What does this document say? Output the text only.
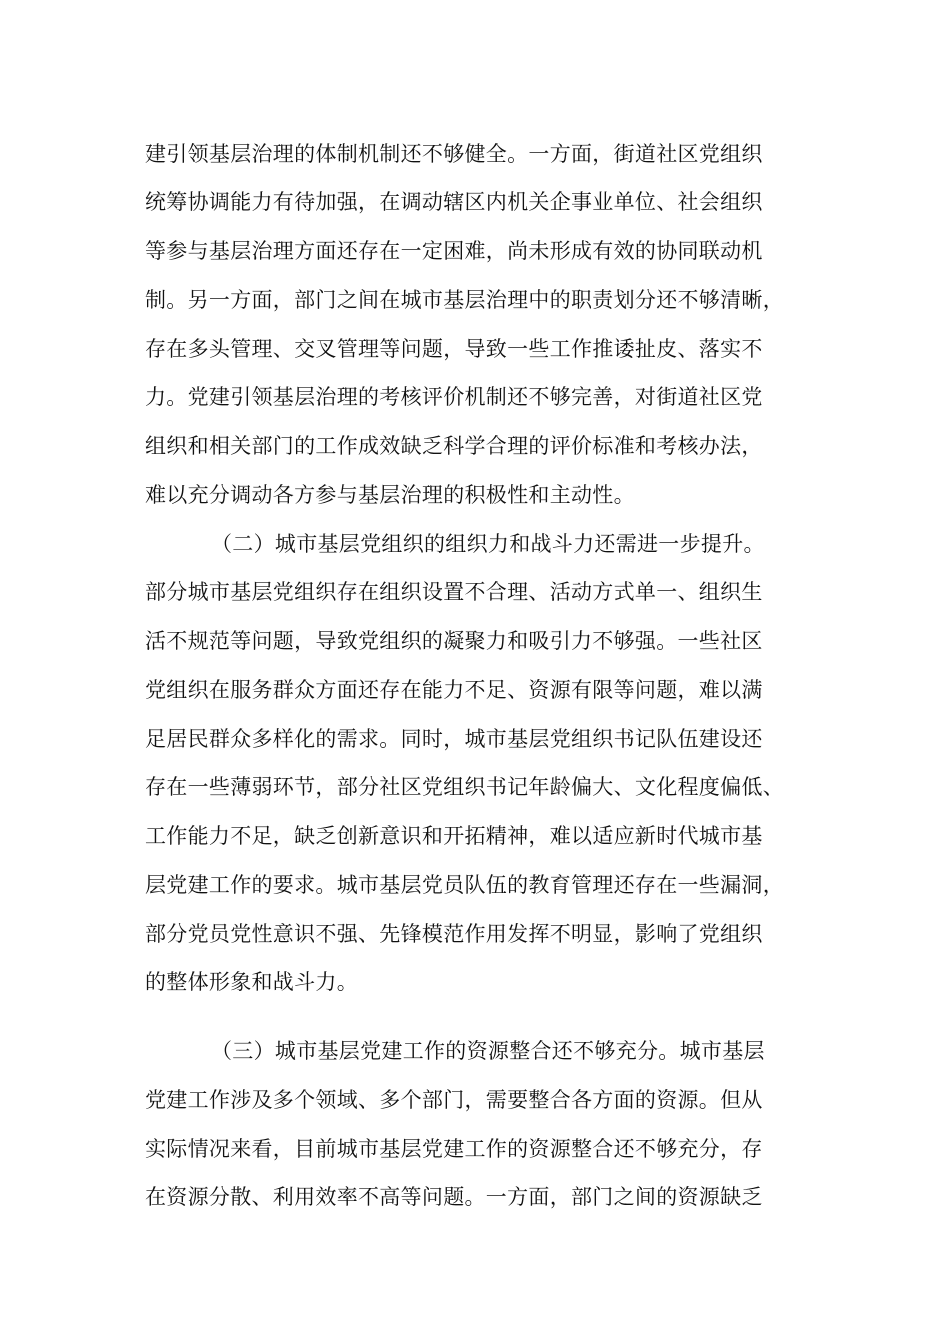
建引领基层治理的体制机制还不够健全。一方面，街道社区党组织
统筹协调能力有待加强，在调动辖区内机关企事业单位、社会组织
等参与基层治理方面还存在一定困难，尚未形成有效的协同联动机
制。另一方面，部门之间在城市基层治理中的职责划分还不够清晰，
存在多头管理、交叉管理等问题，导致一些工作推诿扯皮、落实不
力。党建引领基层治理的考核评价机制还不够完善，对街道社区党
组织和相关部门的工作成效缺乏科学合理的评价标准和考核办法，
难以充分调动各方参与基层治理的积极性和主动性。
（二）城市基层党组织的组织力和战斗力还需进一步提升。
部分城市基层党组织存在组织设置不合理、活动方式单一、组织生
活不规范等问题，导致党组织的凝聚力和吸引力不够强。一些社区
党组织在服务群众方面还存在能力不足、资源有限等问题，难以满
足居民群众多样化的需求。同时，城市基层党组织书记队伍建设还
存在一些薄弱环节，部分社区党组织书记年龄偏大、文化程度偏低、
工作能力不足，缺乏创新意识和开拓精神，难以适应新时代城市基
层党建工作的要求。城市基层党员队伍的教育管理还存在一些漏洞，
部分党员党性意识不强、先锋模范作用发挥不明显，影响了党组织
的整体形象和战斗力。
（三）城市基层党建工作的资源整合还不够充分。城市基层
党建工作涉及多个领域、多个部门，需要整合各方面的资源。但从
实际情况来看，目前城市基层党建工作的资源整合还不够充分，存
在资源分散、利用效率不高等问题。一方面，部门之间的资源缺乏
